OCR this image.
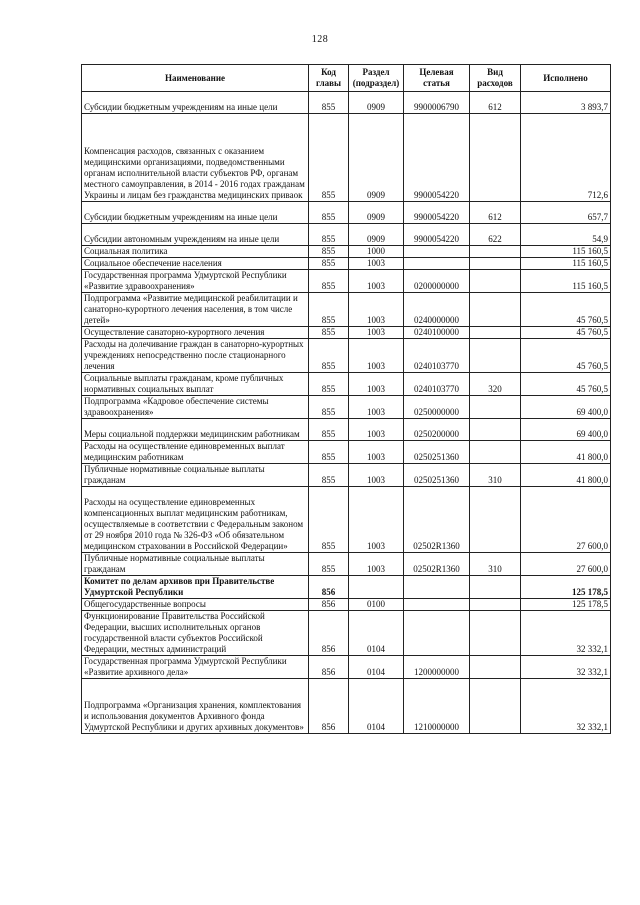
128
Наименование	Код главы	Раздел (подраздел)	Целевая статья	Вид расходов	Исполнено
Субсидии бюджетным учреждениям на иные цели	855	0909	9900006790	612	3 893,7
Компенсация расходов, связанных с оказанием медицинскими организациями, подведомственными органам исполнительной власти субъектов РФ, органам местного самоуправления, в 2014 - 2016 годах гражданам Украины и лицам без гражданства медицинских приваок	855	0909	9900054220		712,6
Субсидии бюджетным учреждениям на иные цели	855	0909	9900054220	612	657,7
Субсидии автономным учреждениям на иные цели	855	0909	9900054220	622	54,9
Социальная политика	855	1000			115 160,5
Социальное обеспечение населения	855	1003			115 160,5
Государственная программа Удмуртской Республики «Развитие здравоохранения»	855	1003	0200000000		115 160,5
Подпрограмма «Развитие медицинской реабилитации и санаторно-курортного лечения населения, в том числе детей»	855	1003	0240000000		45 760,5
Осуществление санаторно-курортного лечения	855	1003	0240100000		45 760,5
Расходы на долечивание граждан в санаторно-курортных учреждениях непосредственно после стационарного лечения	855	1003	0240103770		45 760,5
Социальные выплаты гражданам, кроме публичных нормативных социальных выплат	855	1003	0240103770	320	45 760,5
Подпрограмма «Кадровое обеспечение системы здравоохранения»	855	1003	0250000000		69 400,0
Меры социальной поддержки медицинским работникам	855	1003	0250200000		69 400,0
Расходы на осуществление единовременных выплат медицинским работникам	855	1003	0250251360		41 800,0
Публичные нормативные социальные выплаты гражданам	855	1003	0250251360	310	41 800,0
Расходы на осуществление единовременных компенсационных выплат медицинским работникам, осуществляемые в соответствии с Федеральным законом от 29 ноября 2010 года № 326-ФЗ «Об обязательном медицинском страховании в Российской Федерации»	855	1003	02502R1360		27 600,0
Публичные нормативные социальные выплаты гражданам	855	1003	02502R1360	310	27 600,0
Комитет по делам архивов при Правительстве Удмуртской Республики	856				125 178,5
Общегосударственные вопросы	856	0100			125 178,5
Функционирование Правительства Российской Федерации, высших исполнительных органов государственной власти субъектов Российской Федерации, местных администраций	856	0104			32 332,1
Государственная программа Удмуртской Республики «Развитие архивного дела»	856	0104	1200000000		32 332,1
Подпрограмма «Организация хранения, комплектования и использования документов Архивного фонда Удмуртской Республики и других архивных документов»	856	0104	1210000000		32 332,1
